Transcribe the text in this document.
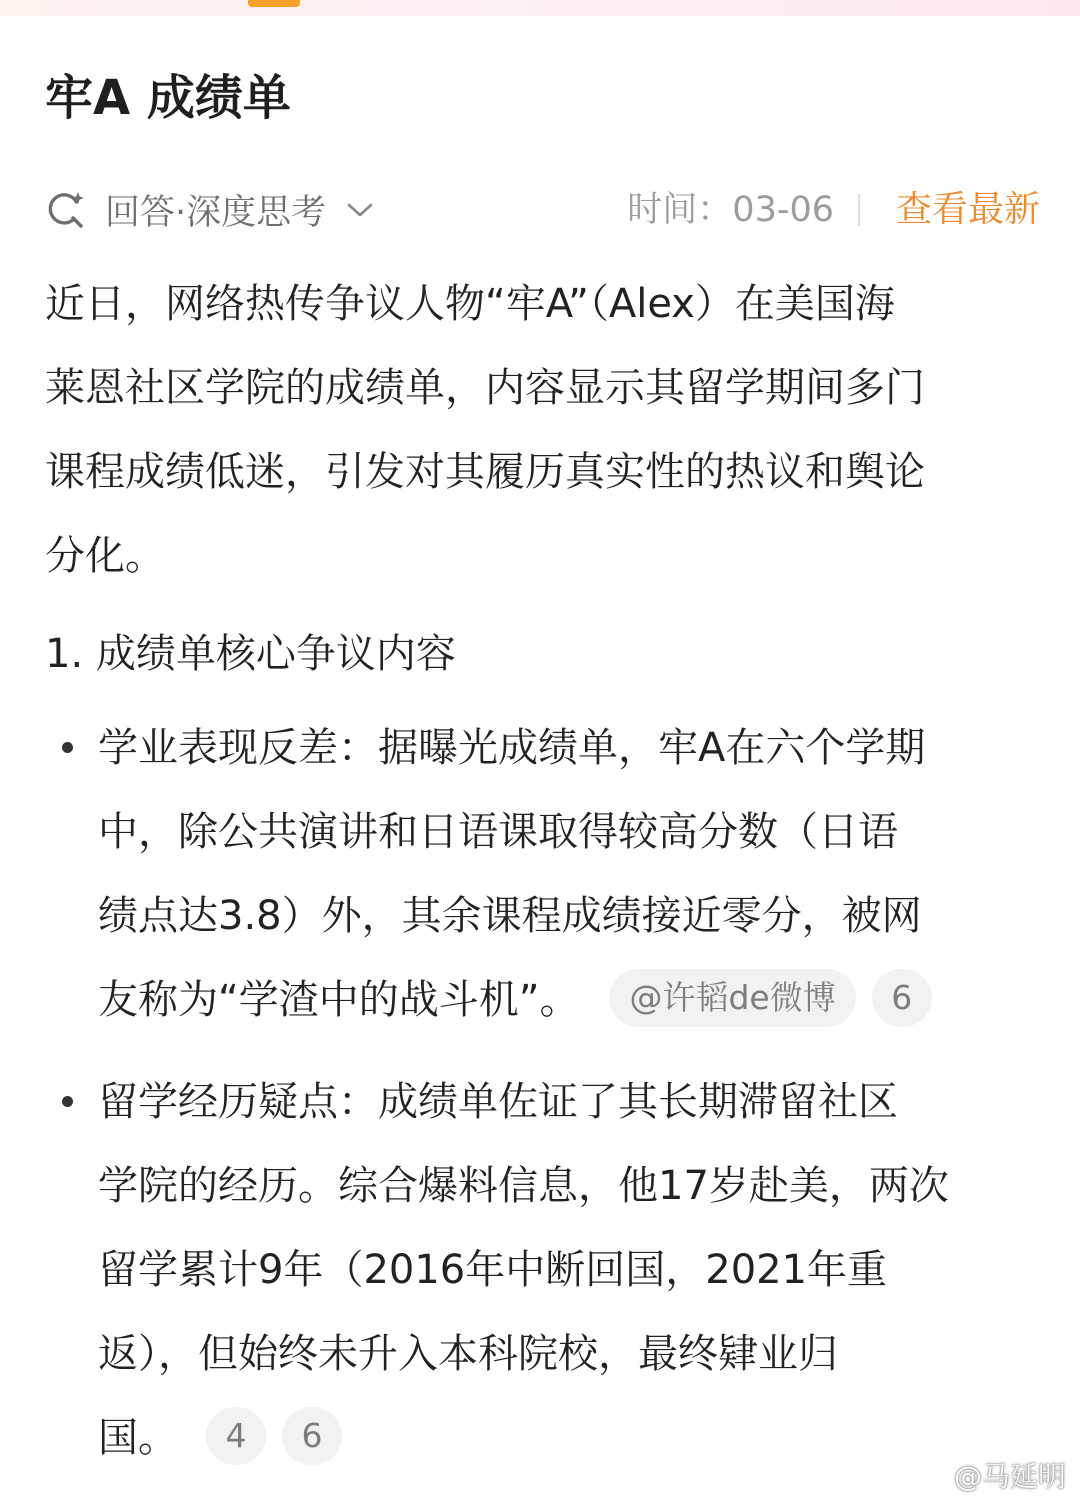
牢A 成绩单
回答·深度思考	时间：03-06 查看最新
近日，网络热传争议人物“牢A”（Alex）在美国海
莱恩社区学院的成绩单，内容显示其留学期间多门
课程成绩低迷，引发对其履历真实性的热议和舆论
分化。
1. 成绩单核心争议内容
学业表现反差：据曝光成绩单，牢A在六个学期
中，除公共演讲和日语课取得较高分数（日语
绩点达3.8）外，其余课程成绩接近零分，被网
友称为“学渣中的战斗机”。 @许韬de微博 6
留学经历疑点：成绩单佐证了其长期滞留社区
学院的经历。综合爆料信息，他17岁赴美，两次
留学累计9年（2016年中断回国，2021年重
返），但始终未升入本科院校，最终肄业归
国。 4 6
@马延明
